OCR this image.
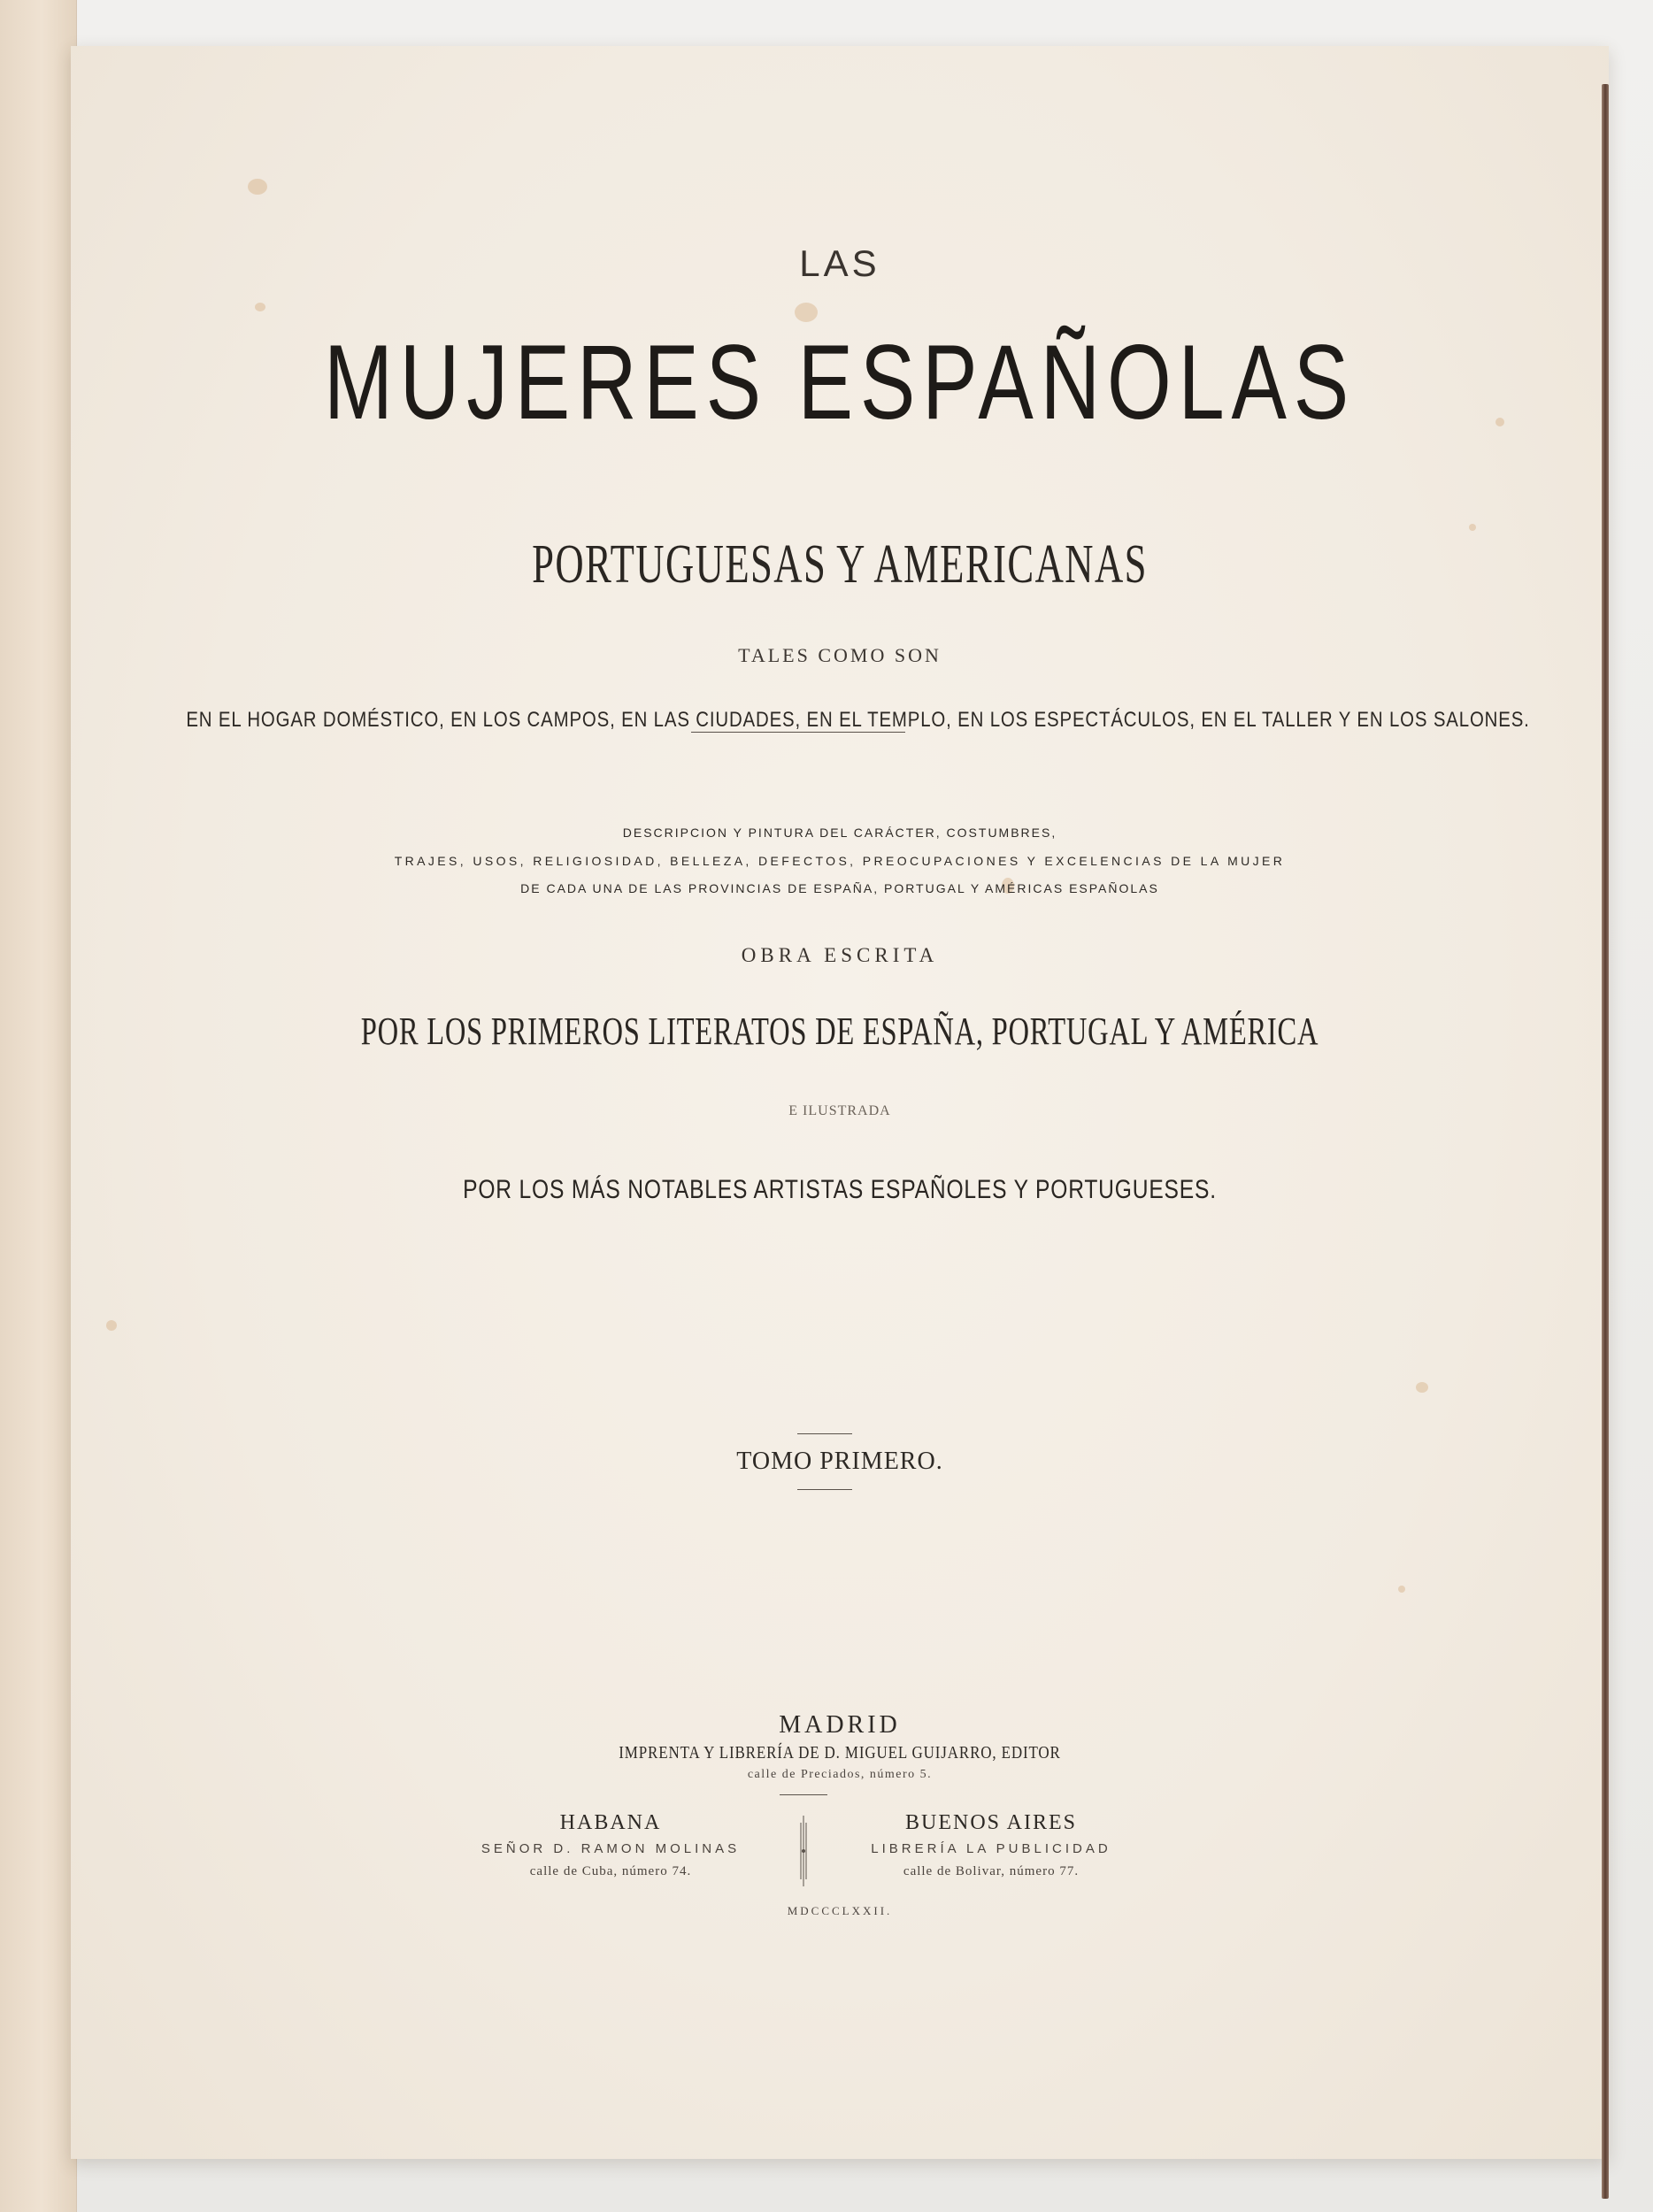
LAS
MUJERES ESPAÑOLAS
PORTUGUESAS Y AMERICANAS
TALES COMO SON
EN EL HOGAR DOMÉSTICO, EN LOS CAMPOS, EN LAS CIUDADES, EN EL TEMPLO, EN LOS ESPECTÁCULOS, EN EL TALLER Y EN LOS SALONES.
DESCRIPCION Y PINTURA DEL CARÁCTER, COSTUMBRES,
TRAJES, USOS, RELIGIOSIDAD, BELLEZA, DEFECTOS, PREOCUPACIONES Y EXCELENCIAS DE LA MUJER
DE CADA UNA DE LAS PROVINCIAS DE ESPAÑA, PORTUGAL Y AMÉRICAS ESPAÑOLAS
OBRA ESCRITA
POR LOS PRIMEROS LITERATOS DE ESPAÑA, PORTUGAL Y AMÉRICA
E ILUSTRADA
POR LOS MÁS NOTABLES ARTISTAS ESPAÑOLES Y PORTUGUESES.
TOMO PRIMERO.
MADRID
IMPRENTA Y LIBRERÍA DE D. MIGUEL GUIJARRO, EDITOR
calle de Preciados, número 5.
HABANA
SEÑOR D. RAMON MOLINAS
calle de Cuba, número 74.
BUENOS AIRES
LIBRERÍA LA PUBLICIDAD
calle de Bolivar, número 77.
MDCCCLXXII.
